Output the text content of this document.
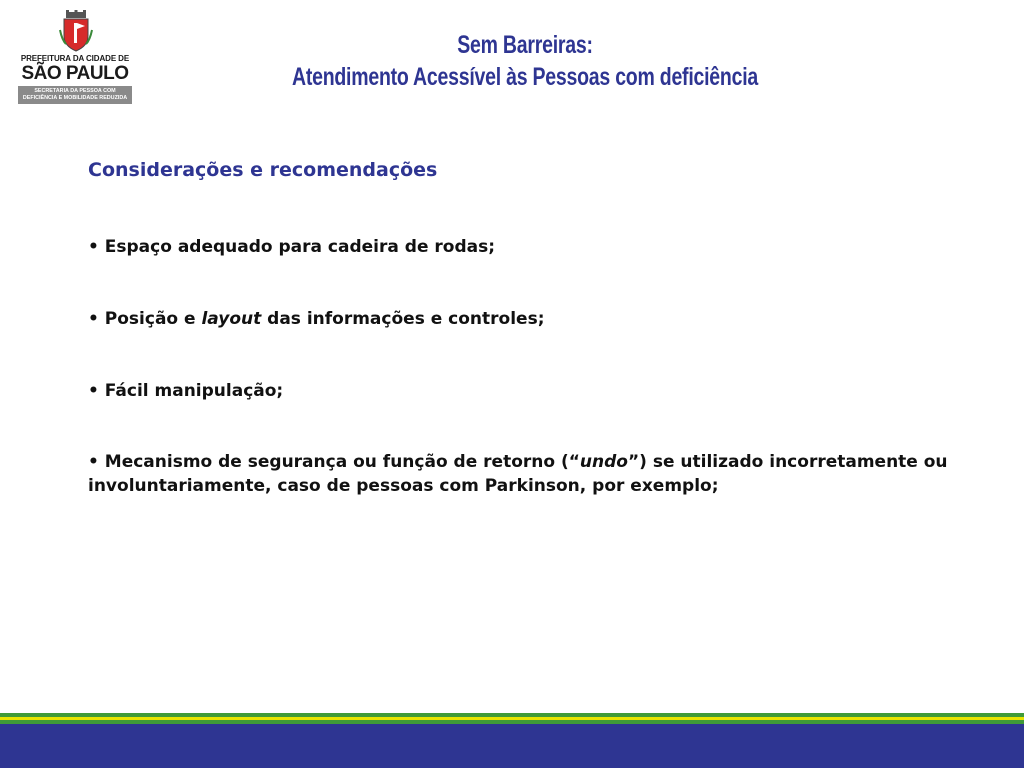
PREFEITURA DA CIDADE DE
SÃO PAULO
SECRETARIA DA PESSOA COM
DEFICIÊNCIA E MOBILIDADE REDUZIDA
Sem Barreiras:
Atendimento Acessível às Pessoas com deficiência
Considerações e recomendações
• Espaço adequado para cadeira de rodas;
• Posição e layout das informações e controles;
• Fácil manipulação;
• Mecanismo de segurança ou função de retorno (“undo”) se utilizado incorretamente ou involuntariamente, caso de pessoas com Parkinson, por exemplo;
